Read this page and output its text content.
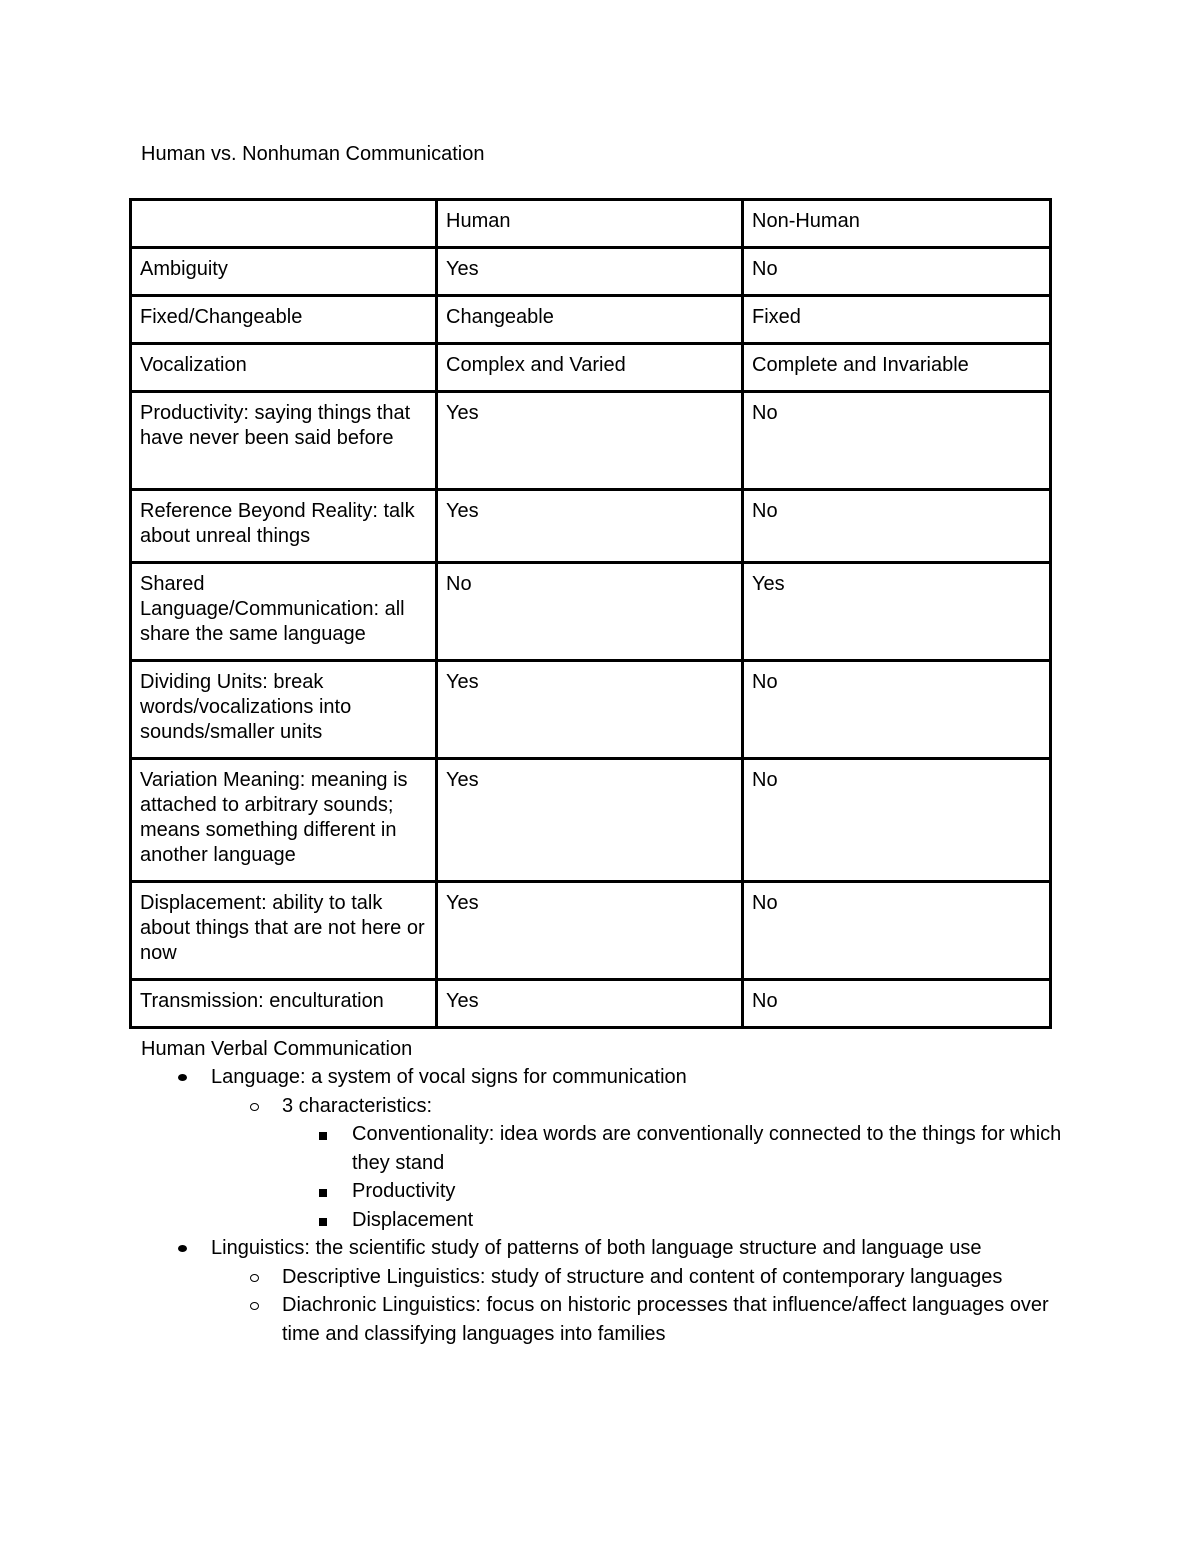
Human vs. Nonhuman Communication
	Human	Non-Human
Ambiguity	Yes	No
Fixed/Changeable	Changeable	Fixed
Vocalization	Complex and Varied	Complete and Invariable
Productivity: saying things that have never been said before	Yes	No
Reference Beyond Reality: talk about unreal things	Yes	No
Shared Language/Communication: all share the same language	No	Yes
Dividing Units: break words/vocalizations into sounds/smaller units	Yes	No
Variation Meaning: meaning is attached to arbitrary sounds; means something different in another language	Yes	No
Displacement: ability to talk about things that are not here or now	Yes	No
Transmission: enculturation	Yes	No
Human Verbal Communication
Language: a system of vocal signs for communication
3 characteristics:
Conventionality: idea words are conventionally connected to the things for which they stand
Productivity
Displacement
Linguistics: the scientific study of patterns of both language structure and language use
Descriptive Linguistics: study of structure and content of contemporary languages
Diachronic Linguistics: focus on historic processes that influence/affect languages over time and classifying languages into families
